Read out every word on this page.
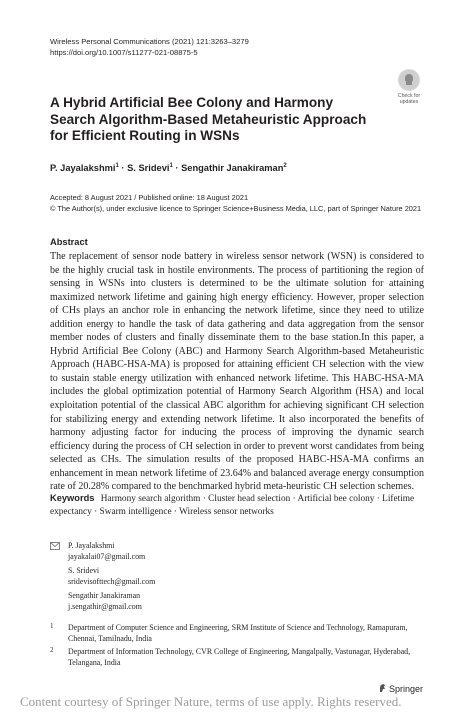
Wireless Personal Communications (2021) 121:3263–3279
https://doi.org/10.1007/s11277-021-08875-5
Check for
updates
A Hybrid Artificial Bee Colony and Harmony Search Algorithm-Based Metaheuristic Approach for Efficient Routing in WSNs
P. Jayalakshmi$^1$ · S. Sridevi$^1$ · Sengathir Janakiraman$^2$
Accepted: 8 August 2021 / Published online: 18 August 2021
© The Author(s), under exclusive licence to Springer Science+Business Media, LLC, part of Springer Nature 2021
Abstract
The replacement of sensor node battery in wireless sensor network (WSN) is considered to be the highly crucial task in hostile environments. The process of partitioning the region of sensing in WSNs into clusters is determined to be the ultimate solution for attaining maximized network lifetime and gaining high energy efficiency. However, proper selection of CHs plays an anchor role in enhancing the network lifetime, since they need to utilize addition energy to handle the task of data gathering and data aggregation from the sensor member nodes of clusters and finally disseminate them to the base station.In this paper, a Hybrid Artificial Bee Colony (ABC) and Harmony Search Algorithm-based Metaheuristic Approach (HABC-HSA-MA) is proposed for attaining efficient CH selection with the view to sustain stable energy utilization with enhanced network lifetime. This HABC-HSA-MA includes the global optimization potential of Harmony Search Algorithm (HSA) and local exploitation potential of the classical ABC algorithm for achieving significant CH selection for stabilizing energy and extending network lifetime. It also incorporated the benefits of harmony adjusting factor for inducing the process of improving the dynamic search efficiency during the process of CH selection in order to prevent worst candidates from being selected as CHs. The simulation results of the proposed HABC-HSA-MA confirms an enhancement in mean network lifetime of 23.64% and balanced average energy consumption rate of 20.28% compared to the benchmarked hybrid meta-heuristic CH selection schemes.
Keywords Harmony search algorithm · Cluster head selection · Artificial bee colony · Lifetime expectancy · Swarm intelligence · Wireless sensor networks
P. Jayalakshmi
jayakalai07@gmail.com
S. Sridevi
sridevisofttech@gmail.com
Sengathir Janakiraman
j.sengathir@gmail.com
1 Department of Computer Science and Engineering, SRM Institute of Science and Technology, Ramapuram, Chennai, Tamilnadu, India
2 Department of Information Technology, CVR College of Engineering, Mangalpally, Vastunagar, Hyderabad, Telangana, India
Springer
Content courtesy of Springer Nature, terms of use apply. Rights reserved.
